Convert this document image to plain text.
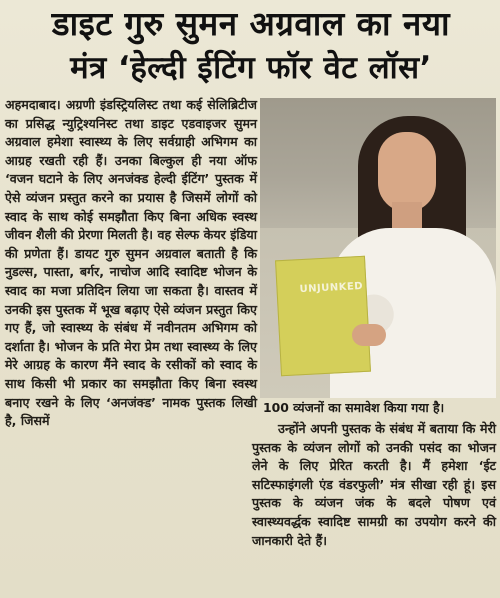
डाइट गुरु सुमन अग्रवाल का नया
मंत्र ‘हेल्दी ईटिंग फॉर वेट लॉस’

अहमदाबाद। अग्रणी इंडस्ट्रियलिस्ट तथा कई सेलिब्रिटीज का प्रसिद्ध न्युट्रिश्यनिस्ट तथा डाइट एडवाइजर सुमन अग्रवाल हमेशा स्वास्थ्य के लिए सर्वग्राही अभिगम का आग्रह रखती रही हैं। उनका बिल्कुल ही नया ऑफ ‘वजन घटाने के लिए अनजंक्ड हेल्दी ईटिंग’ पुस्तक में ऐसे व्यंजन प्रस्तुत करने का प्रयास है जिसमें लोगों को स्वाद के साथ कोई समझौता किए बिना अधिक स्वस्थ जीवन शैली की प्रेरणा मिलती है। वह सेल्फ केयर इंडिया की प्रणेता हैं। डायट गुरु सुमन अग्रवाल बताती है कि नुडल्स, पास्ता, बर्गर, नाचोज आदि स्वादिष्ट भोजन के स्वाद का मजा प्रतिदिन लिया जा सकता है। वास्तव में उनकी इस पुस्तक में भूख बढ़ाए ऐसे व्यंजन प्रस्तुत किए गए हैं, जो स्वास्थ्य के संबंध में नवीनतम अभिगम को दर्शाता है। भोजन के प्रति मेरा प्रेम तथा स्वास्थ्य के लिए मेरे आग्रह के कारण मैंने स्वाद के रसीकों को स्वाद के साथ किसी भी प्रकार का समझौता किए बिना स्वस्थ बनाए रखने के लिए ‘अनजंक्ड’ नामक पुस्तक लिखी है, जिसमें

UNJUNKED
100 व्यंजनों का समावेश किया गया है।

उन्होंने अपनी पुस्तक के संबंध में बताया कि मेरी पुस्तक के व्यंजन लोगों को उनकी पसंद का भोजन लेने के लिए प्रेरित करती है। मैं हमेशा ‘ईट सटिस्फाइंगली एंड वंडरफुली’ मंत्र सीखा रही हूं। इस पुस्तक के व्यंजन जंक के बदले पोषण एवं स्वास्थ्यवर्द्धक स्वादिष्ट सामग्री का उपयोग करने की जानकारी देते हैं।
